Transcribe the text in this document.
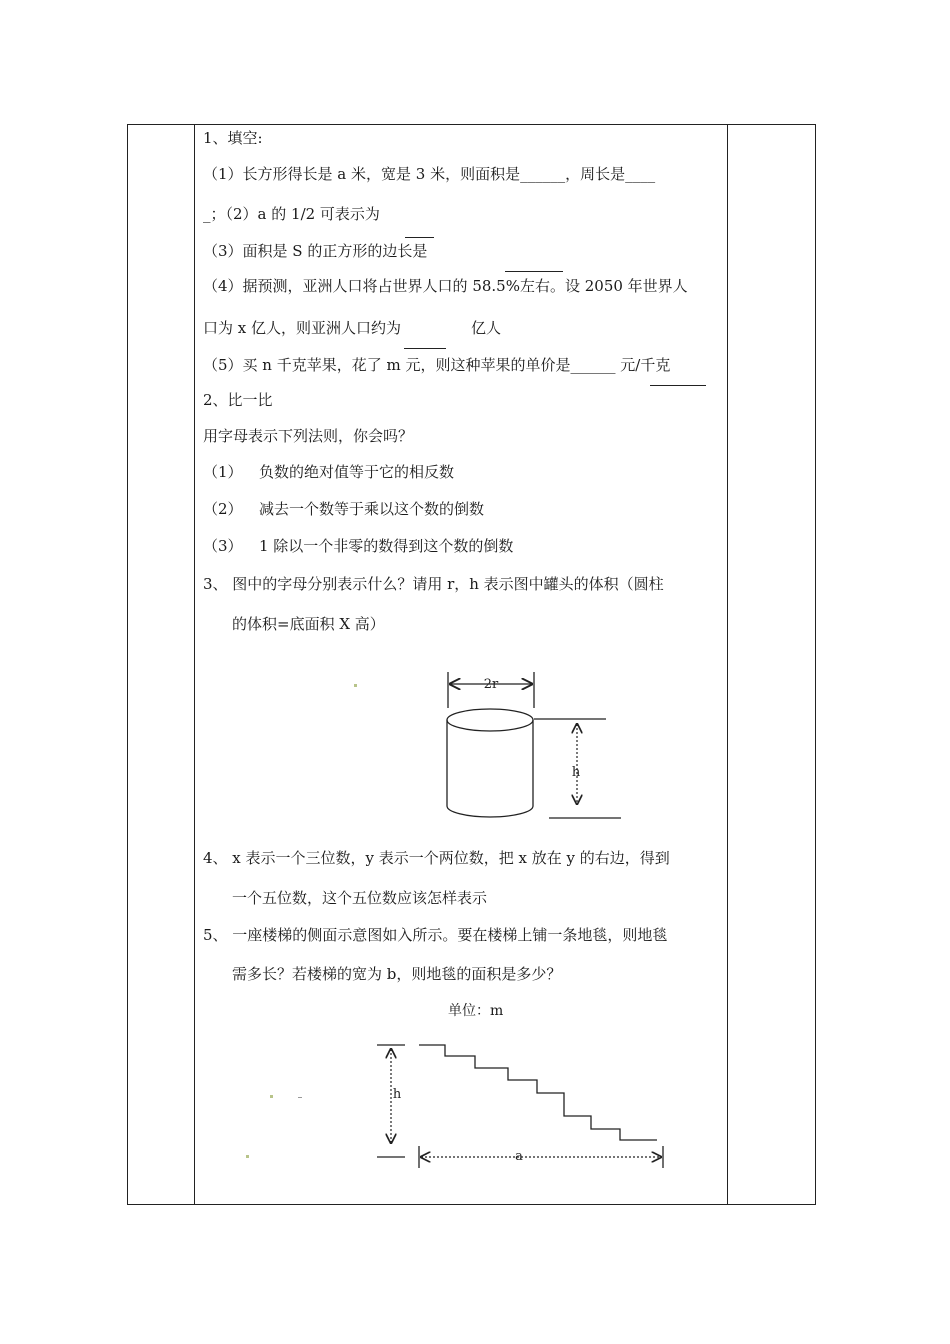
1、填空:
（1）长方形得长是 a 米，宽是 3 米，则面积是______，周长是____
_；（2）a 的 1/2 可表示为
（3）面积是 S 的正方形的边长是
（4）据预测，亚洲人口将占世界人口的 58.5%左右。设 2050 年世界人
口为 x 亿人，则亚洲人口约为	亿人
（5）买 n 千克苹果，花了 m 元，则这种苹果的单价是______ 元/千克
2、比一比
用字母表示下列法则，你会吗？
（1） 负数的绝对值等于它的相反数
（2） 减去一个数等于乘以这个数的倒数
（3） 1 除以一个非零的数得到这个数的倒数
3、 图中的字母分别表示什么？请用 r，h 表示图中罐头的体积（圆柱
的体积=底面积 X 高）
2r
h
4、 x 表示一个三位数，y 表示一个两位数，把 x 放在 y 的右边，得到
一个五位数，这个五位数应该怎样表示
5、 一座楼梯的侧面示意图如入所示。要在楼梯上铺一条地毯，则地毯
需多长？若楼梯的宽为 b，则地毯的面积是多少？
单位：m
h
a
